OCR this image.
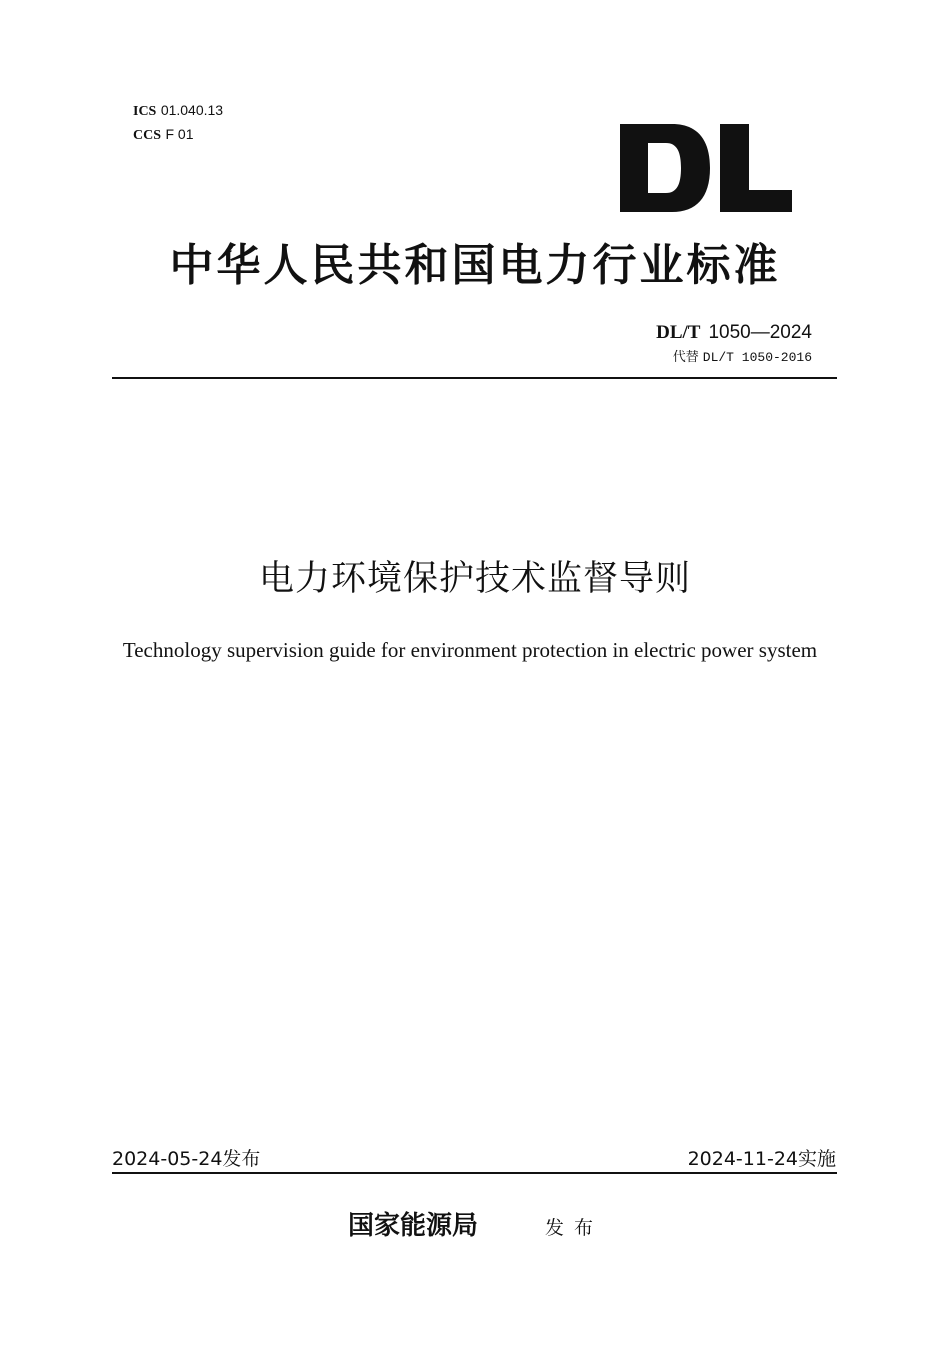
ICS 01.040.13
CCS F 01
中华人民共和国电力行业标准
DL/T 1050—2024
代替 DL/T 1050-2016
电力环境保护技术监督导则
Technology supervision guide for environment protection in electric power system
2024-05-24发布	2024-11-24实施
国家能源局	发布
